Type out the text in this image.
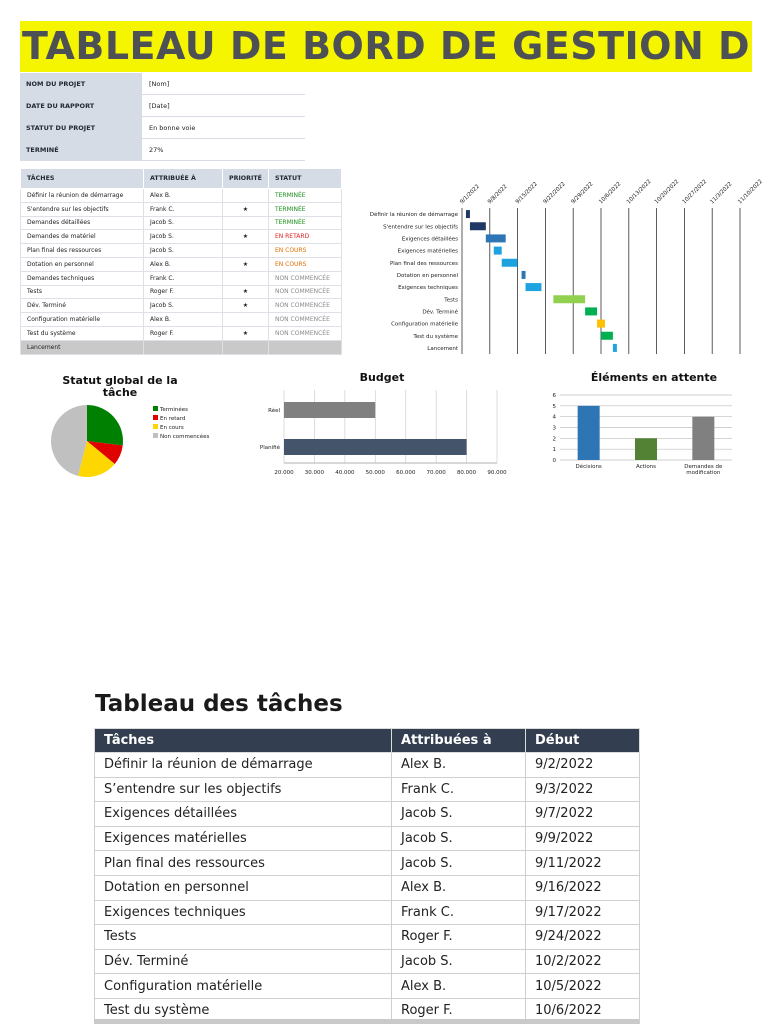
TABLEAU DE BORD DE GESTION D
NOM DU PROJET	[Nom]
DATE DU RAPPORT	[Date]
STATUT DU PROJET	En bonne voie
TERMINÉ	27%
TÂCHES	ATTRIBUÉE À	PRIORITÉ	STATUT
Définir la réunion de démarrage	Alex B.		TERMINÉE
S'entendre sur les objectifs	Frank C.	★	TERMINÉE
Demandes détaillées	Jacob S.		TERMINÉE
Demandes de matériel	Jacob S.	★	EN RETARD
Plan final des ressources	Jacob S.		EN COURS
Dotation en personnel	Alex B.	★	EN COURS
Demandes techniques	Frank C.		NON COMMENCÉE
Tests	Roger F.	★	NON COMMENCÉE
Dév. Terminé	Jacob S.	★	NON COMMENCÉE
Configuration matérielle	Alex B.		NON COMMENCÉE
Test du système	Roger F.	★	NON COMMENCÉE
Lancement			
9/1/2022 9/8/2022 9/15/2022 9/22/2022 9/29/2022 10/6/2022 10/13/2022 10/20/2022 10/27/2022 11/3/2022 11/10/2022
Définir la réunion de démarrage
S'entendre sur les objectifs
Exigences détaillées
Exigences matérielles
Plan final des ressources
Dotation en personnel
Exigences techniques
Tests
Dév. Terminé
Configuration matérielle
Test du système
Lancement
Statut global de la
tâche
Terminées
En retard
En cours
Non commencées
Budget
20.000 30.000 40.000 50.000 60.000 70.000 80.000 90.000
Réel
Planifié
Éléments en attente
0
1
2
3
4
5
6
Décisions	Actions	Demandes de
modification
Tableau des tâches
Tâches	Attribuées à	Début
Définir la réunion de démarrage	Alex B.	9/2/2022
S’entendre sur les objectifs	Frank C.	9/3/2022
Exigences détaillées	Jacob S.	9/7/2022
Exigences matérielles	Jacob S.	9/9/2022
Plan final des ressources	Jacob S.	9/11/2022
Dotation en personnel	Alex B.	9/16/2022
Exigences techniques	Frank C.	9/17/2022
Tests	Roger F.	9/24/2022
Dév. Terminé	Jacob S.	10/2/2022
Configuration matérielle	Alex B.	10/5/2022
Test du système	Roger F.	10/6/2022
